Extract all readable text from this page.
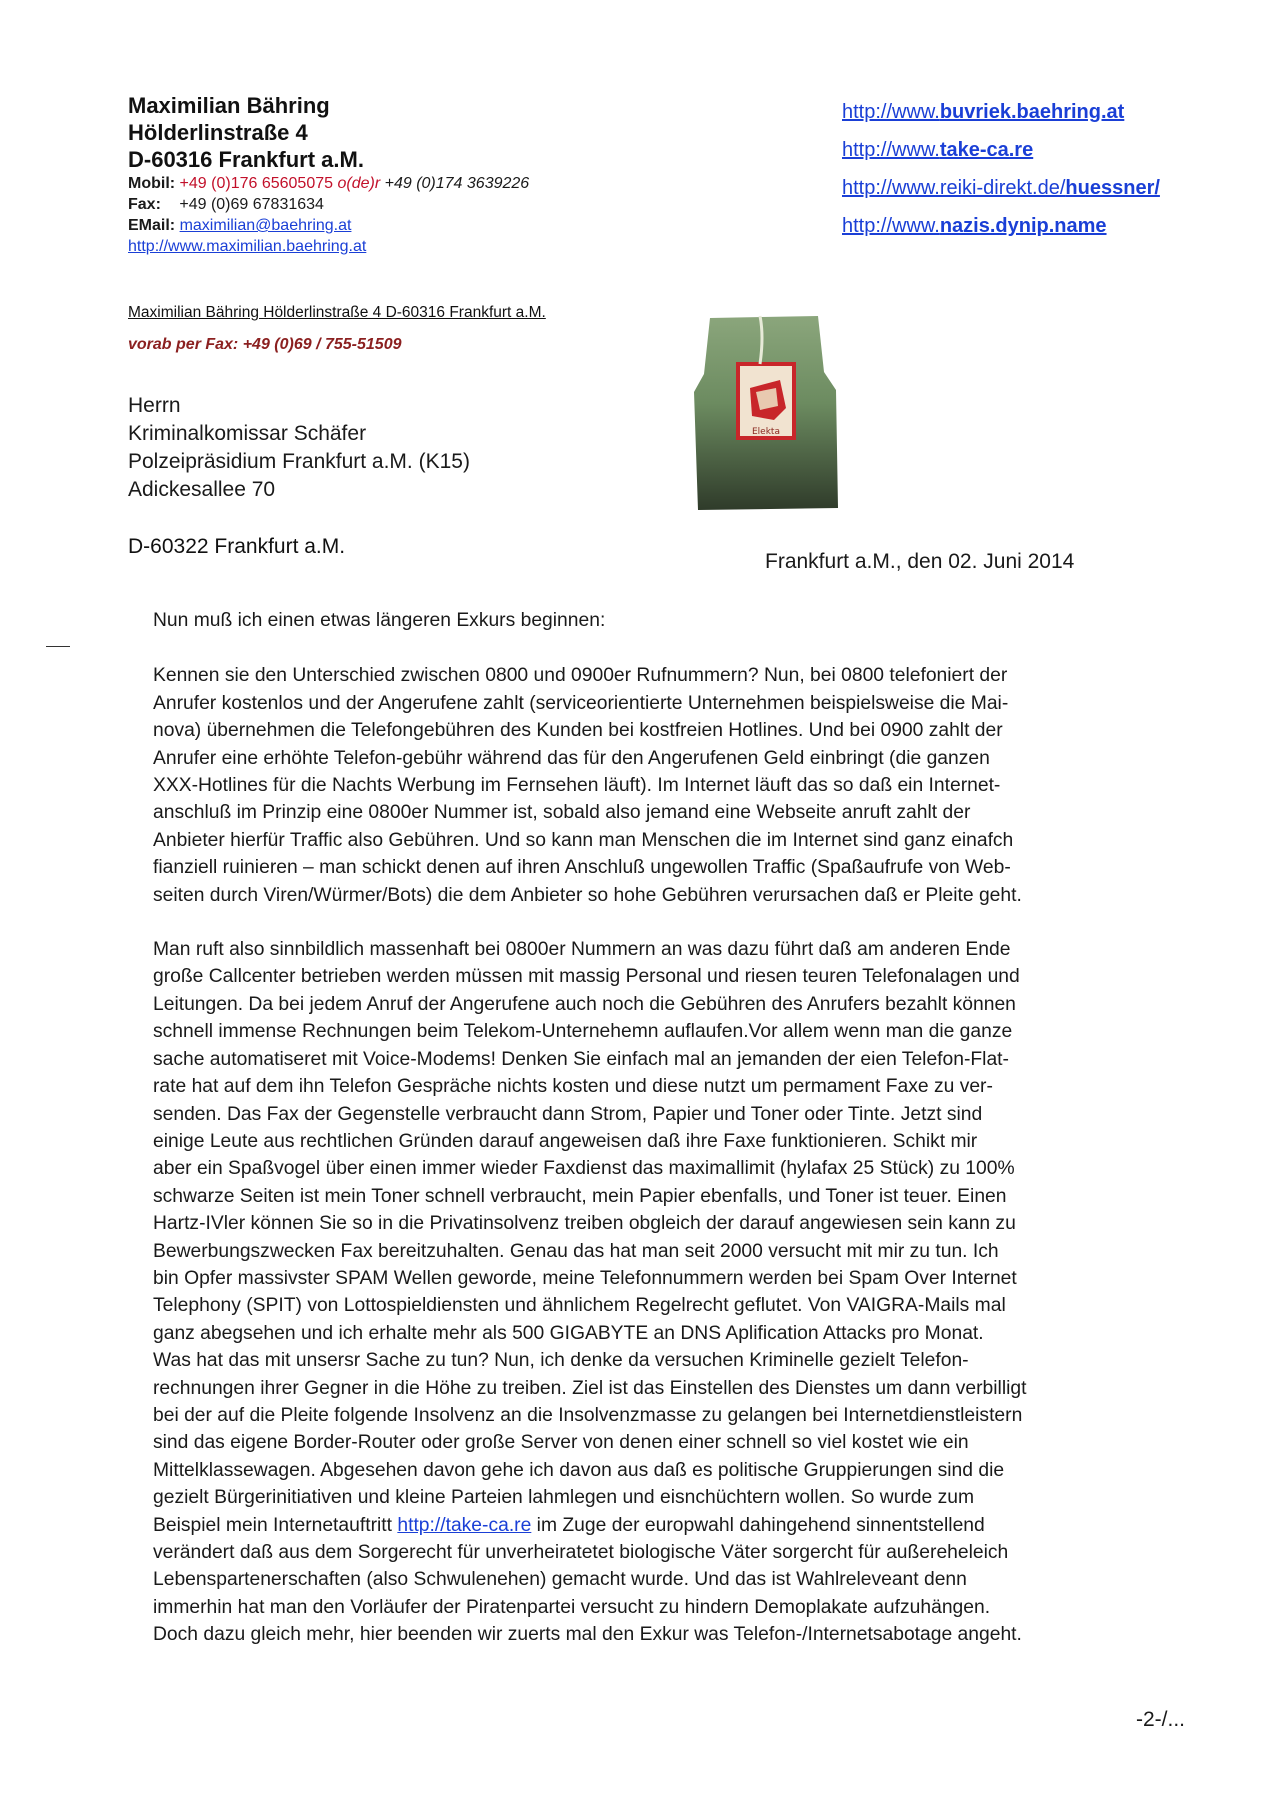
Maximilian Bähring
Hölderlinstraße 4
D-60316 Frankfurt a.M.
Mobil: +49 (0)176 65605075 o(de)r +49 (0)174 3639226
Fax: +49 (0)69 67831634
EMail: maximilian@baehring.at
http://www.maximilian.baehring.at
http://www.buvriek.baehring.at
http://www.take-ca.re
http://www.reiki-direkt.de/huessner/
http://www.nazis.dynip.name
Maximilian Bähring Hölderlinstraße 4 D-60316 Frankfurt a.M.
vorab per Fax: +49 (0)69 / 755-51509
Elekta
Herrn
Kriminalkomissar Schäfer
Polzeipräsidium Frankfurt a.M. (K15)
Adickesallee 70
D-60322 Frankfurt a.M.
Frankfurt a.M., den 02. Juni 2014

Nun muß ich einen etwas längeren Exkurs beginnen:

Kennen sie den Unterschied zwischen 0800 und 0900er Rufnummern? Nun, bei 0800 telefoniert der
Anrufer kostenlos und der Angerufene zahlt (serviceorientierte Unternehmen beispielsweise die Mai-
nova) übernehmen die Telefongebühren des Kunden bei kostfreien Hotlines. Und bei 0900 zahlt der
Anrufer eine erhöhte Telefon-gebühr während das für den Angerufenen Geld einbringt (die ganzen
XXX-Hotlines für die Nachts Werbung im Fernsehen läuft). Im Internet läuft das so daß ein Internet-
anschluß im Prinzip eine 0800er Nummer ist, sobald also jemand eine Webseite anruft zahlt der
Anbieter hierfür Traffic also Gebühren. Und so kann man Menschen die im Internet sind ganz einafch
fianziell ruinieren – man schickt denen auf ihren Anschluß ungewollen Traffic (Spaßaufrufe von Web-
seiten durch Viren/Würmer/Bots) die dem Anbieter so hohe Gebühren verursachen daß er Pleite geht.

Man ruft also sinnbildlich massenhaft bei 0800er Nummern an was dazu führt daß am anderen Ende
große Callcenter betrieben werden müssen mit massig Personal und riesen teuren Telefonalagen und
Leitungen. Da bei jedem Anruf der Angerufene auch noch die Gebühren des Anrufers bezahlt können
schnell immense Rechnungen beim Telekom-Unternehemn auflaufen.Vor allem wenn man die ganze
sache automatiseret mit Voice-Modems! Denken Sie einfach mal an jemanden der eien Telefon-Flat-
rate hat auf dem ihn Telefon Gespräche nichts kosten und diese nutzt um permament Faxe zu ver-
senden. Das Fax der Gegenstelle verbraucht dann Strom, Papier und Toner oder Tinte. Jetzt sind
einige Leute aus rechtlichen Gründen darauf angeweisen daß ihre Faxe funktionieren. Schikt mir
aber ein Spaßvogel über einen immer wieder Faxdienst das maximallimit (hylafax 25 Stück) zu 100%
schwarze Seiten ist mein Toner schnell verbraucht, mein Papier ebenfalls, und Toner ist teuer. Einen
Hartz-IVler können Sie so in die Privatinsolvenz treiben obgleich der darauf angewiesen sein kann zu
Bewerbungszwecken Fax bereitzuhalten. Genau das hat man seit 2000 versucht mit mir zu tun. Ich
bin Opfer massivster SPAM Wellen geworde, meine Telefonnummern werden bei Spam Over Internet
Telephony (SPIT) von Lottospieldiensten und ähnlichem Regelrecht geflutet. Von VAIGRA-Mails mal
ganz abegsehen und ich erhalte mehr als 500 GIGABYTE an DNS Aplification Attacks pro Monat.
Was hat das mit unsersr Sache zu tun? Nun, ich denke da versuchen Kriminelle gezielt Telefon-
rechnungen ihrer Gegner in die Höhe zu treiben. Ziel ist das Einstellen des Dienstes um dann verbilligt
bei der auf die Pleite folgende Insolvenz an die Insolvenzmasse zu gelangen bei Internetdienstleistern
sind das eigene Border-Router oder große Server von denen einer schnell so viel kostet wie ein
Mittelklassewagen. Abgesehen davon gehe ich davon aus daß es politische Gruppierungen sind die
gezielt Bürgerinitiativen und kleine Parteien lahmlegen und eisnchüchtern wollen. So wurde zum
Beispiel mein Internetauftritt http://take-ca.re im Zuge der europwahl dahingehend sinnentstellend
verändert daß aus dem Sorgerecht für unverheiratetet biologische Väter sorgercht für außereheleich
Lebenspartenerschaften (also Schwulenehen) gemacht wurde. Und das ist Wahlreleveant denn
immerhin hat man den Vorläufer der Piratenpartei versucht zu hindern Demoplakate aufzuhängen.
Doch dazu gleich mehr, hier beenden wir zuerts mal den Exkur was Telefon-/Internetsabotage angeht.

-2-/...
